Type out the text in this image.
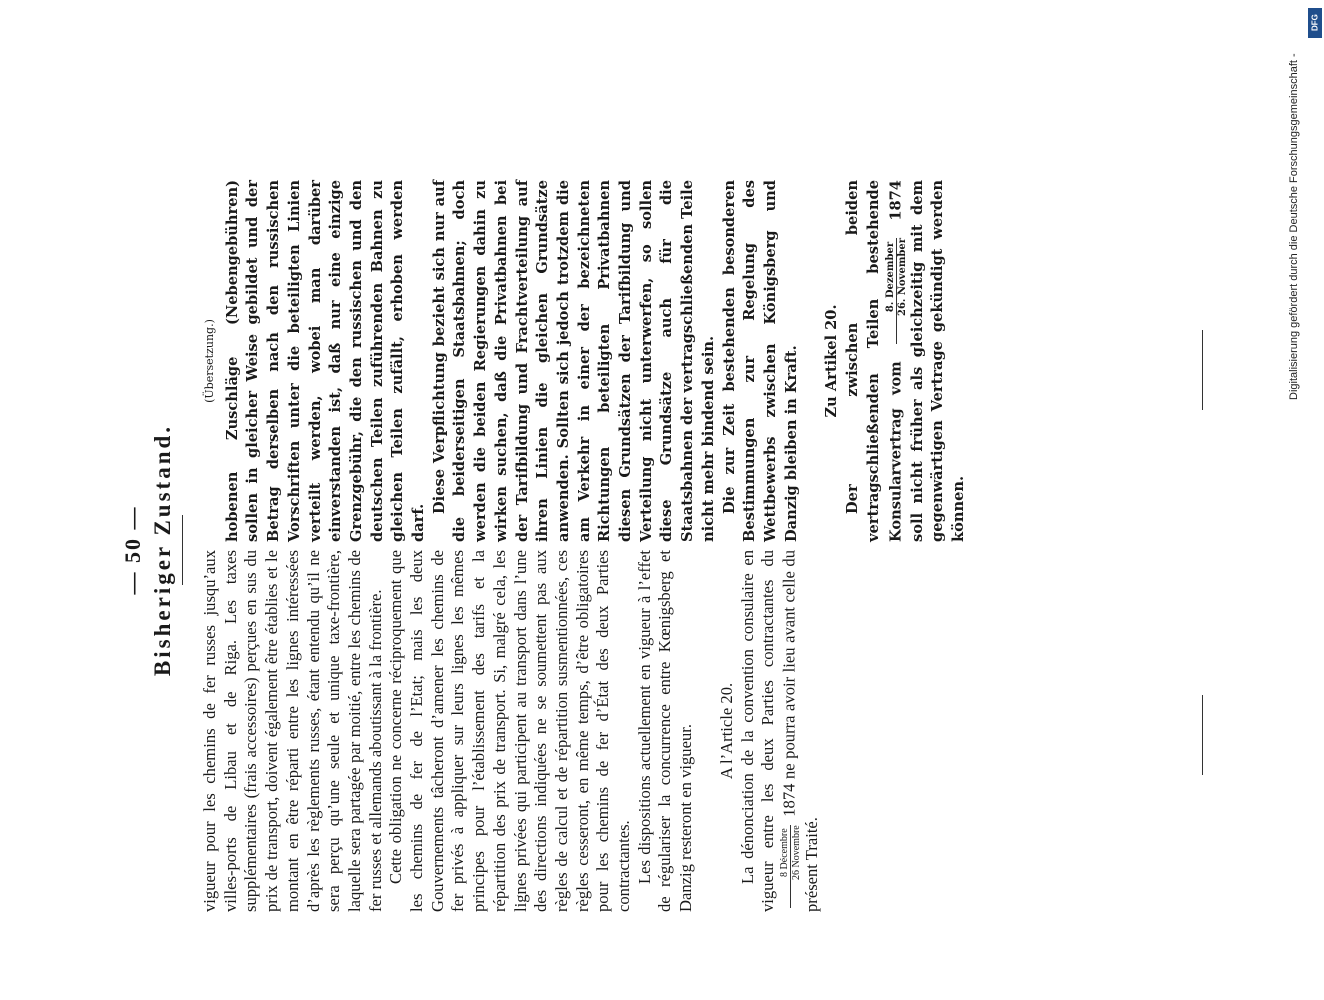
— 50 — Bisheriger Zustand. vigueur pour les chemins de fer russes jusqu’aux villes-ports de Libau et de Riga. Les taxes supplémentaires (frais accessoires) perçues en sus du prix de transport, doivent également être établies et le montant en être réparti entre les lignes intéressées d’après les règlements russes, étant entendu qu’il ne sera perçu qu’une seule et unique taxe-frontière, laquelle sera partagée par moitié, entre les chemins de fer russes et allemands aboutissant à la frontière. Cette obligation ne concerne réciproquement que les chemins de fer de l’Etat; mais les deux Gouvernements tâcheront d’amener les chemins de fer privés à appliquer sur leurs lignes les mêmes principes pour l’établissement des tarifs et la répartition des prix de transport. Si, malgré cela, les lignes privées qui participent au transport dans l’une des directions indiquées ne se soumettent pas aux règles de calcul et de répartition susmentionnées, ces règles cesseront, en même temps, d’être obligatoires pour les chemins de fer d’État des deux Parties contractantes. Les dispositions actuellement en vigueur à l’effet de régulariser la concurrence entre Kœnigsberg et Danzig resteront en vigueur. A l’Article 20. La dénonciation de la convention consulaire en vigueur entre les deux Parties contractantes du 8 Décembre 26 Novembre
1874 ne pourra avoir lieu avant celle du présent Traité.

(Übersetzung.) hobenen Zuschläge (Nebengebühren) sollen in gleicher Weise gebildet und der Betrag derselben nach den russischen Vorschriften unter die beteiligten Linien verteilt werden, wobei man darüber einverstanden ist, daß nur eine einzige Grenzgebühr, die den russischen und den deutschen Teilen zuführenden Bahnen zu gleichen Teilen zufällt, erhoben werden darf.

Diese Verpflichtung bezieht sich nur auf die beiderseitigen Staatsbahnen; doch werden die beiden Regierungen dahin zu wirken suchen, daß die Privatbahnen bei der Tarifbildung und Frachtverteilung auf ihren Linien die gleichen Grundsätze anwenden. Sollten sich jedoch trotzdem die am Verkehr in einer der bezeichneten Richtungen beteiligten Privatbahnen diesen Grundsätzen der Tarifbildung und Verteilung nicht unterwerfen, so sollen diese Grundsätze auch für die Staatsbahnen der vertragschließenden Teile nicht mehr bindend sein. Die zur Zeit bestehenden besonderen Bestimmungen zur Regelung des Wettbewerbs zwischen Königsberg und Danzig bleiben in Kraft. Zu Artikel 20. Der zwischen beiden vertragschließenden Teilen bestehende Konsularvertrag vom
8. Dezember 26. November
1874 soll nicht früher als gleichzeitig mit dem gegenwärtigen Vertrage gekündigt werden können.

Digitalisierung gefördert durch die Deutsche Forschungsgemeinschaft -
DFG
